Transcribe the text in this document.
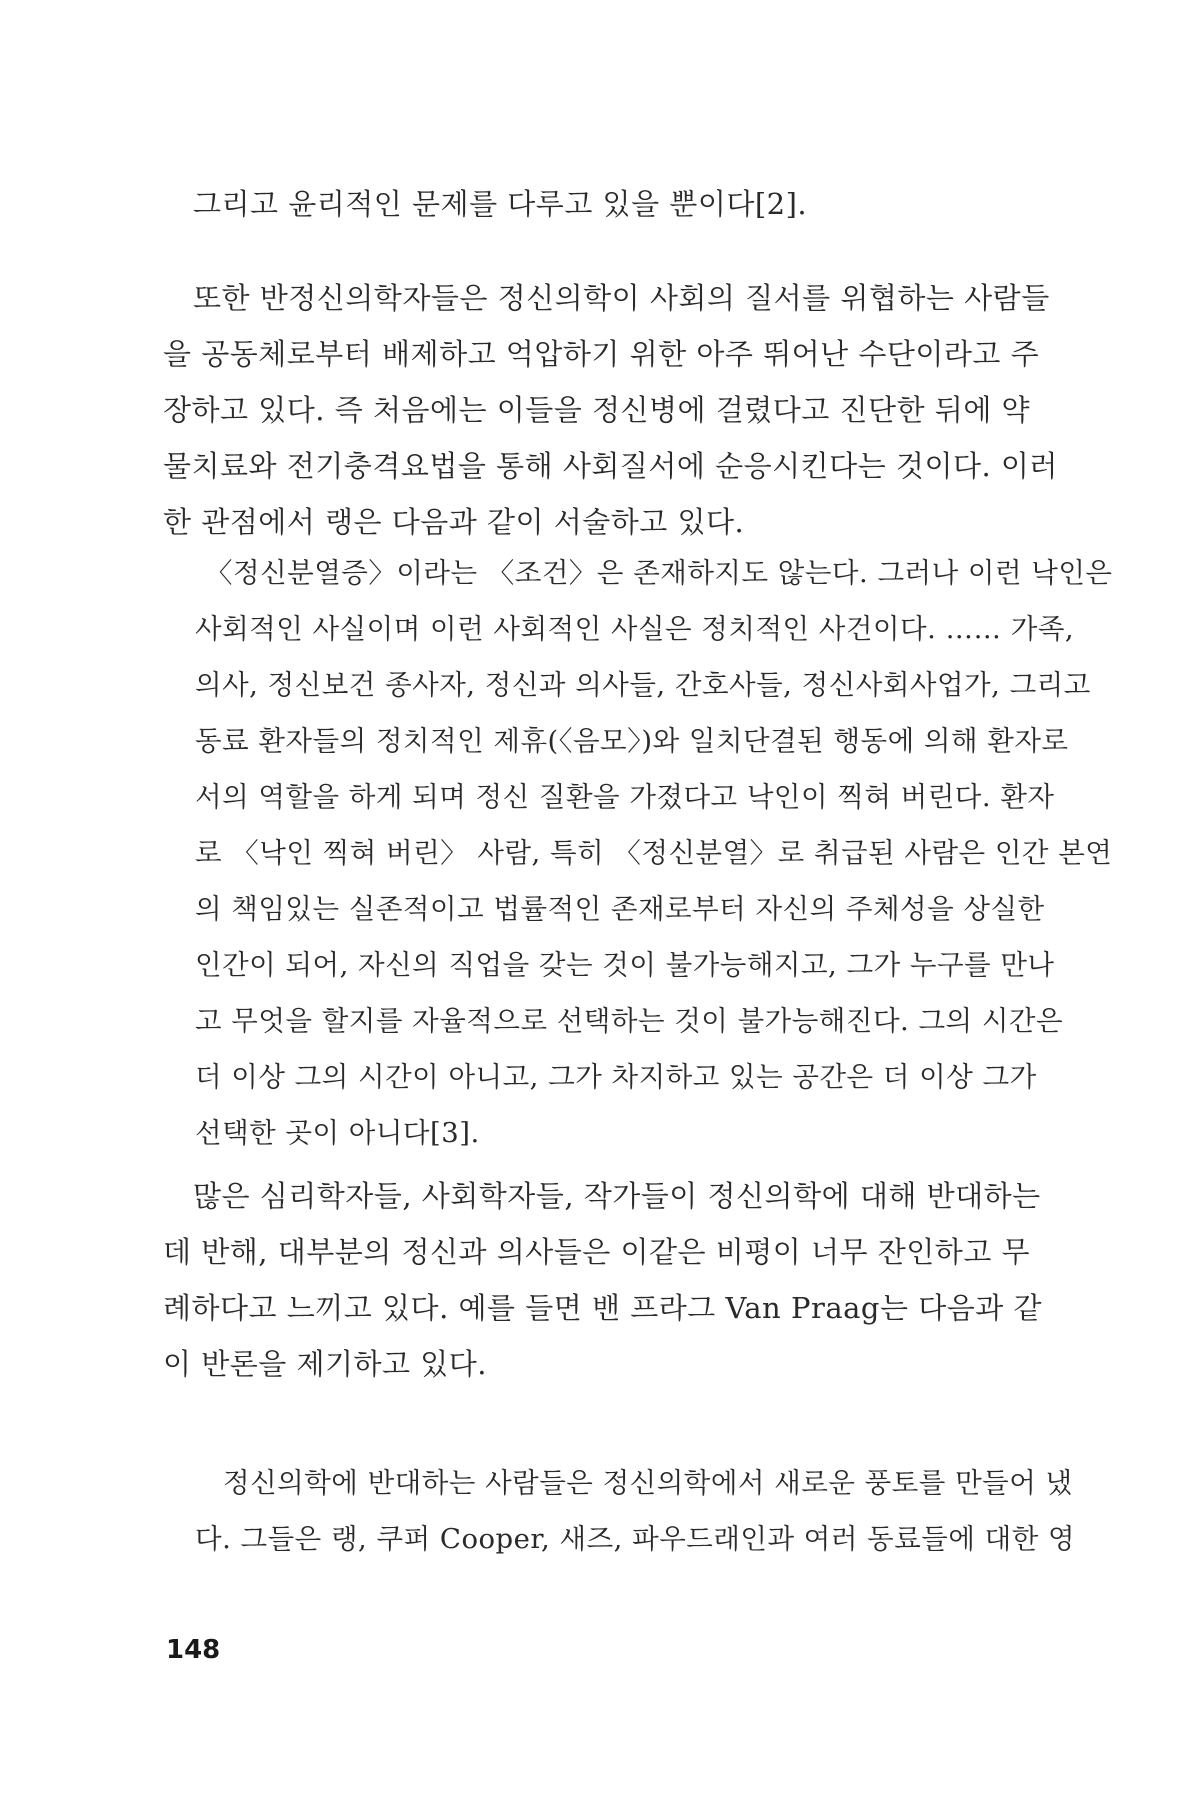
그리고 윤리적인 문제를 다루고 있을 뿐이다[2].

또한 반정신의학자들은 정신의학이 사회의 질서를 위협하는 사람들
을 공동체로부터 배제하고 억압하기 위한 아주 뛰어난 수단이라고 주
장하고 있다. 즉 처음에는 이들을 정신병에 걸렸다고 진단한 뒤에 약
물치료와 전기충격요법을 통해 사회질서에 순응시킨다는 것이다. 이러
한 관점에서 랭은 다음과 같이 서술하고 있다.

〈정신분열증〉이라는 〈조건〉은 존재하지도 않는다. 그러나 이런 낙인은
사회적인 사실이며 이런 사회적인 사실은 정치적인 사건이다. …… 가족,
의사, 정신보건 종사자, 정신과 의사들, 간호사들, 정신사회사업가, 그리고
동료 환자들의 정치적인 제휴(〈음모〉)와 일치단결된 행동에 의해 환자로
서의 역할을 하게 되며 정신 질환을 가졌다고 낙인이 찍혀 버린다. 환자
로 〈낙인 찍혀 버린〉 사람, 특히 〈정신분열〉로 취급된 사람은 인간 본연
의 책임있는 실존적이고 법률적인 존재로부터 자신의 주체성을 상실한
인간이 되어, 자신의 직업을 갖는 것이 불가능해지고, 그가 누구를 만나
고 무엇을 할지를 자율적으로 선택하는 것이 불가능해진다. 그의 시간은
더 이상 그의 시간이 아니고, 그가 차지하고 있는 공간은 더 이상 그가
선택한 곳이 아니다[3].

많은 심리학자들, 사회학자들, 작가들이 정신의학에 대해 반대하는
데 반해, 대부분의 정신과 의사들은 이같은 비평이 너무 잔인하고 무
례하다고 느끼고 있다. 예를 들면 밴 프라그 Van Praag는 다음과 같
이 반론을 제기하고 있다.

정신의학에 반대하는 사람들은 정신의학에서 새로운 풍토를 만들어 냈
다. 그들은 랭, 쿠퍼 Cooper, 새즈, 파우드래인과 여러 동료들에 대한 영

148
